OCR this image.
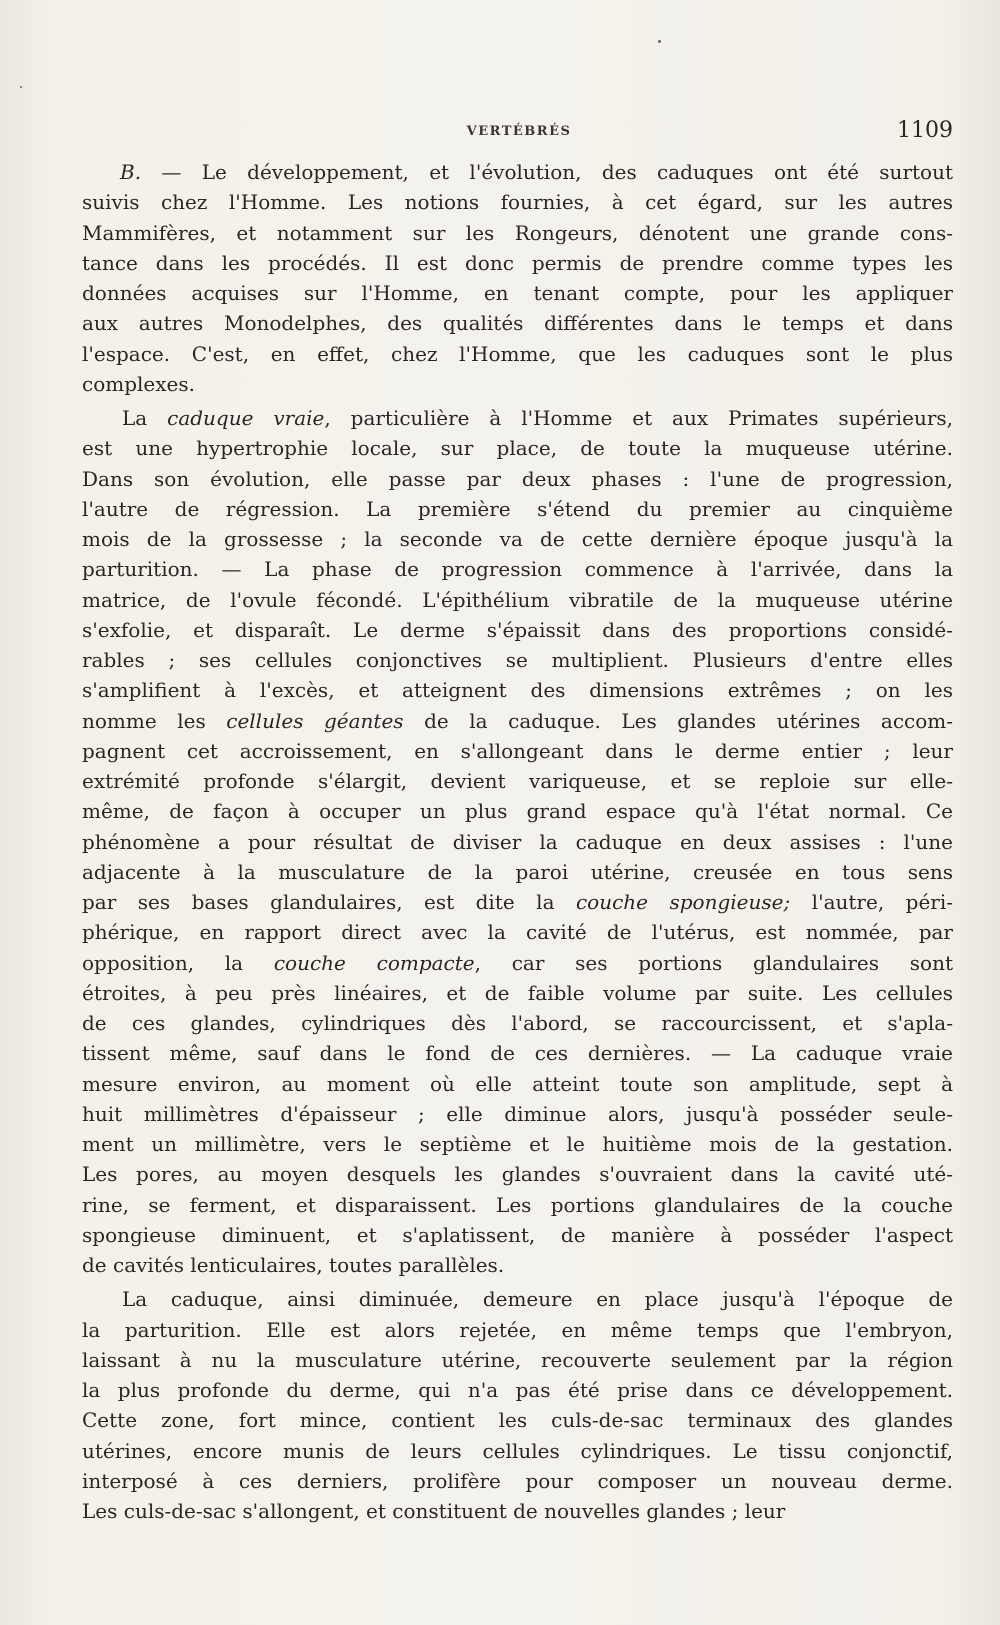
VERTÉBRÉS	1109
B. — Le développement, et l'évolution, des caduques ont été surtout
suivis chez l'Homme. Les notions fournies, à cet égard, sur les autres
Mammifères, et notamment sur les Rongeurs, dénotent une grande cons-
tance dans les procédés. Il est donc permis de prendre comme types les
données acquises sur l'Homme, en tenant compte, pour les appliquer
aux autres Monodelphes, des qualités différentes dans le temps et dans
l'espace. C'est, en effet, chez l'Homme, que les caduques sont le plus
complexes.
La caduque vraie, particulière à l'Homme et aux Primates supérieurs,
est une hypertrophie locale, sur place, de toute la muqueuse utérine.
Dans son évolution, elle passe par deux phases : l'une de progression,
l'autre de régression. La première s'étend du premier au cinquième
mois de la grossesse ; la seconde va de cette dernière époque jusqu'à la
parturition. — La phase de progression commence à l'arrivée, dans la
matrice, de l'ovule fécondé. L'épithélium vibratile de la muqueuse utérine
s'exfolie, et disparaît. Le derme s'épaissit dans des proportions considé-
rables ; ses cellules conjonctives se multiplient. Plusieurs d'entre elles
s'amplifient à l'excès, et atteignent des dimensions extrêmes ; on les
nomme les cellules géantes de la caduque. Les glandes utérines accom-
pagnent cet accroissement, en s'allongeant dans le derme entier ; leur
extrémité profonde s'élargit, devient variqueuse, et se reploie sur elle-
même, de façon à occuper un plus grand espace qu'à l'état normal. Ce
phénomène a pour résultat de diviser la caduque en deux assises : l'une
adjacente à la musculature de la paroi utérine, creusée en tous sens
par ses bases glandulaires, est dite la couche spongieuse; l'autre, péri-
phérique, en rapport direct avec la cavité de l'utérus, est nommée, par
opposition, la couche compacte, car ses portions glandulaires sont
étroites, à peu près linéaires, et de faible volume par suite. Les cellules
de ces glandes, cylindriques dès l'abord, se raccourcissent, et s'apla-
tissent même, sauf dans le fond de ces dernières. — La caduque vraie
mesure environ, au moment où elle atteint toute son amplitude, sept à
huit millimètres d'épaisseur ; elle diminue alors, jusqu'à posséder seule-
ment un millimètre, vers le septième et le huitième mois de la gestation.
Les pores, au moyen desquels les glandes s'ouvraient dans la cavité uté-
rine, se ferment, et disparaissent. Les portions glandulaires de la couche
spongieuse diminuent, et s'aplatissent, de manière à posséder l'aspect
de cavités lenticulaires, toutes parallèles.
La caduque, ainsi diminuée, demeure en place jusqu'à l'époque de
la parturition. Elle est alors rejetée, en même temps que l'embryon,
laissant à nu la musculature utérine, recouverte seulement par la région
la plus profonde du derme, qui n'a pas été prise dans ce développement.
Cette zone, fort mince, contient les culs-de-sac terminaux des glandes
utérines, encore munis de leurs cellules cylindriques. Le tissu conjonctif,
interposé à ces derniers, prolifère pour composer un nouveau derme.
Les culs-de-sac s'allongent, et constituent de nouvelles glandes ; leur
